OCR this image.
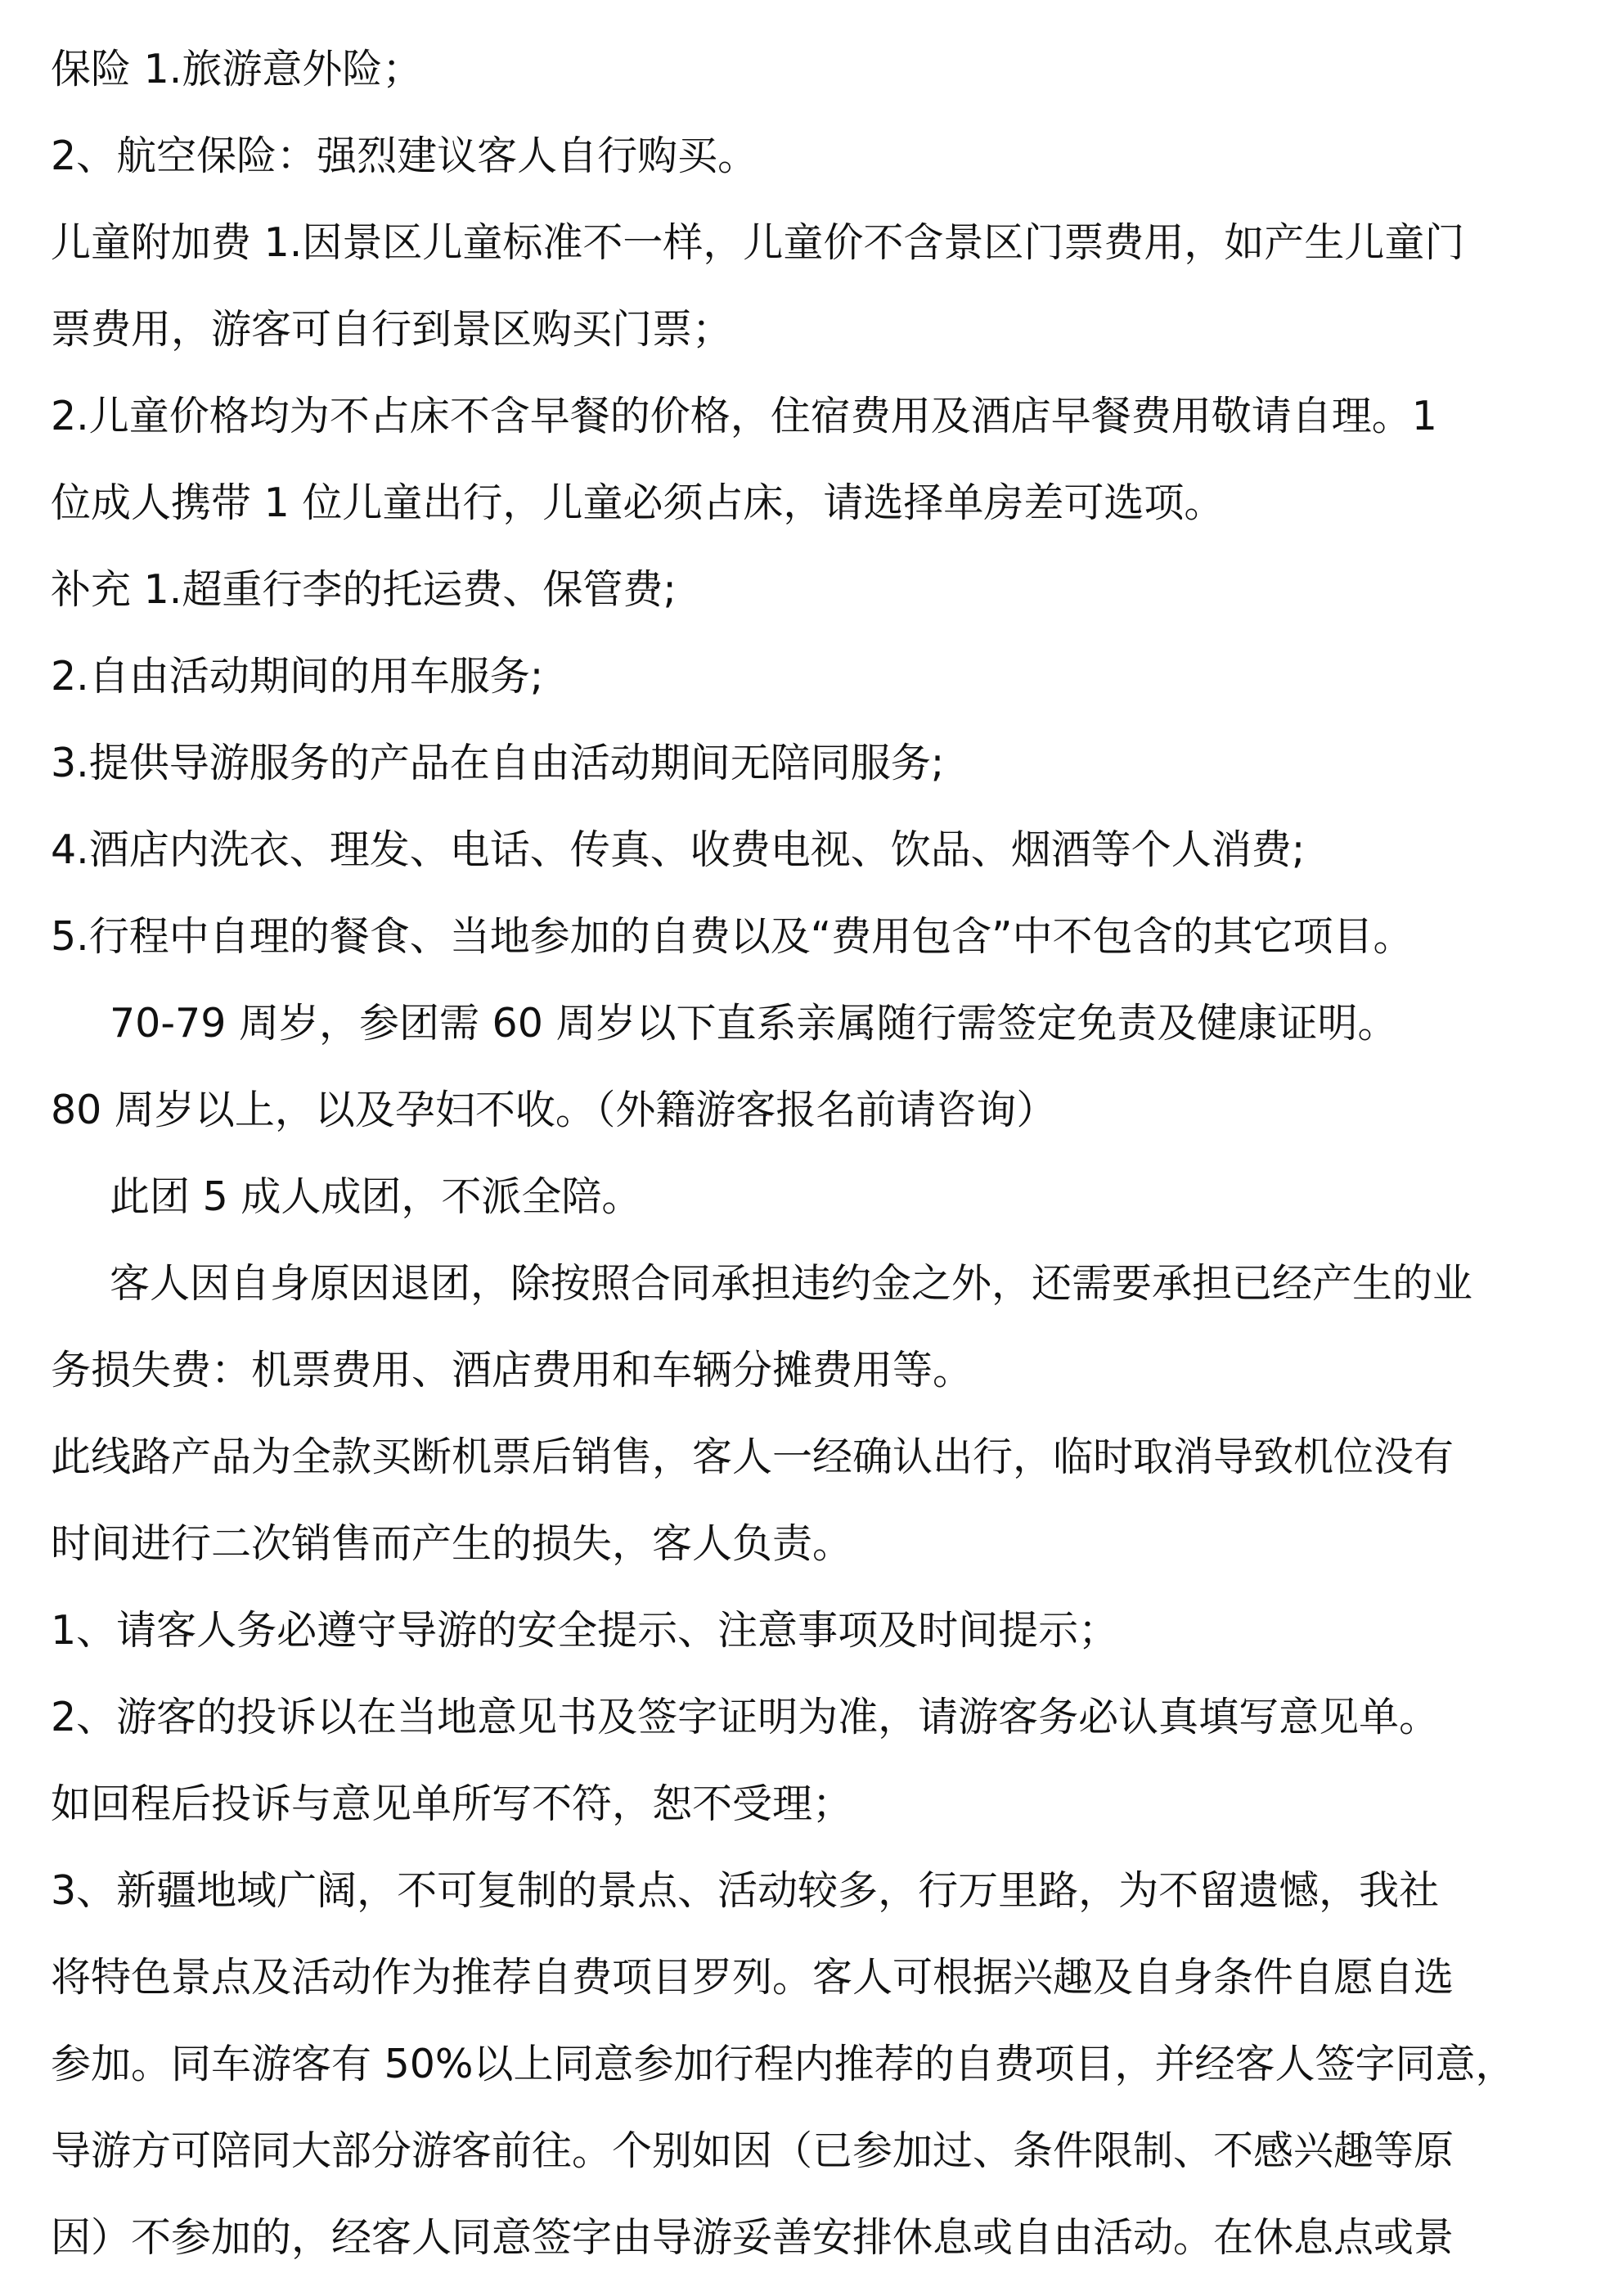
保险 1.旅游意外险；

2、航空保险：强烈建议客人自行购买。

儿童附加费 1.因景区儿童标准不一样，儿童价不含景区门票费用，如产生儿童门

票费用，游客可自行到景区购买门票；

2.儿童价格均为不占床不含早餐的价格，住宿费用及酒店早餐费用敬请自理。1

位成人携带 1 位儿童出行，儿童必须占床，请选择单房差可选项。

补充 1.超重行李的托运费、保管费;

2.自由活动期间的用车服务;

3.提供导游服务的产品在自由活动期间无陪同服务;

4.酒店内洗衣、理发、电话、传真、收费电视、饮品、烟酒等个人消费;

5.行程中自理的餐食、当地参加的自费以及“费用包含”中不包含的其它项目。

70-79 周岁，参团需 60 周岁以下直系亲属随行需签定免责及健康证明。

80 周岁以上，以及孕妇不收。（外籍游客报名前请咨询）

此团 5 成人成团，不派全陪。

客人因自身原因退团，除按照合同承担违约金之外，还需要承担已经产生的业

务损失费：机票费用、酒店费用和车辆分摊费用等。

此线路产品为全款买断机票后销售，客人一经确认出行，临时取消导致机位没有

时间进行二次销售而产生的损失，客人负责。

1、请客人务必遵守导游的安全提示、注意事项及时间提示；

2、游客的投诉以在当地意见书及签字证明为准，请游客务必认真填写意见单。

如回程后投诉与意见单所写不符，恕不受理；

3、新疆地域广阔，不可复制的景点、活动较多，行万里路，为不留遗憾，我社

将特色景点及活动作为推荐自费项目罗列。客人可根据兴趣及自身条件自愿自选

参加。同车游客有 50%以上同意参加行程内推荐的自费项目，并经客人签字同意，

导游方可陪同大部分游客前往。个别如因（已参加过、条件限制、不感兴趣等原

因）不参加的，经客人同意签字由导游妥善安排休息或自由活动。在休息点或景
